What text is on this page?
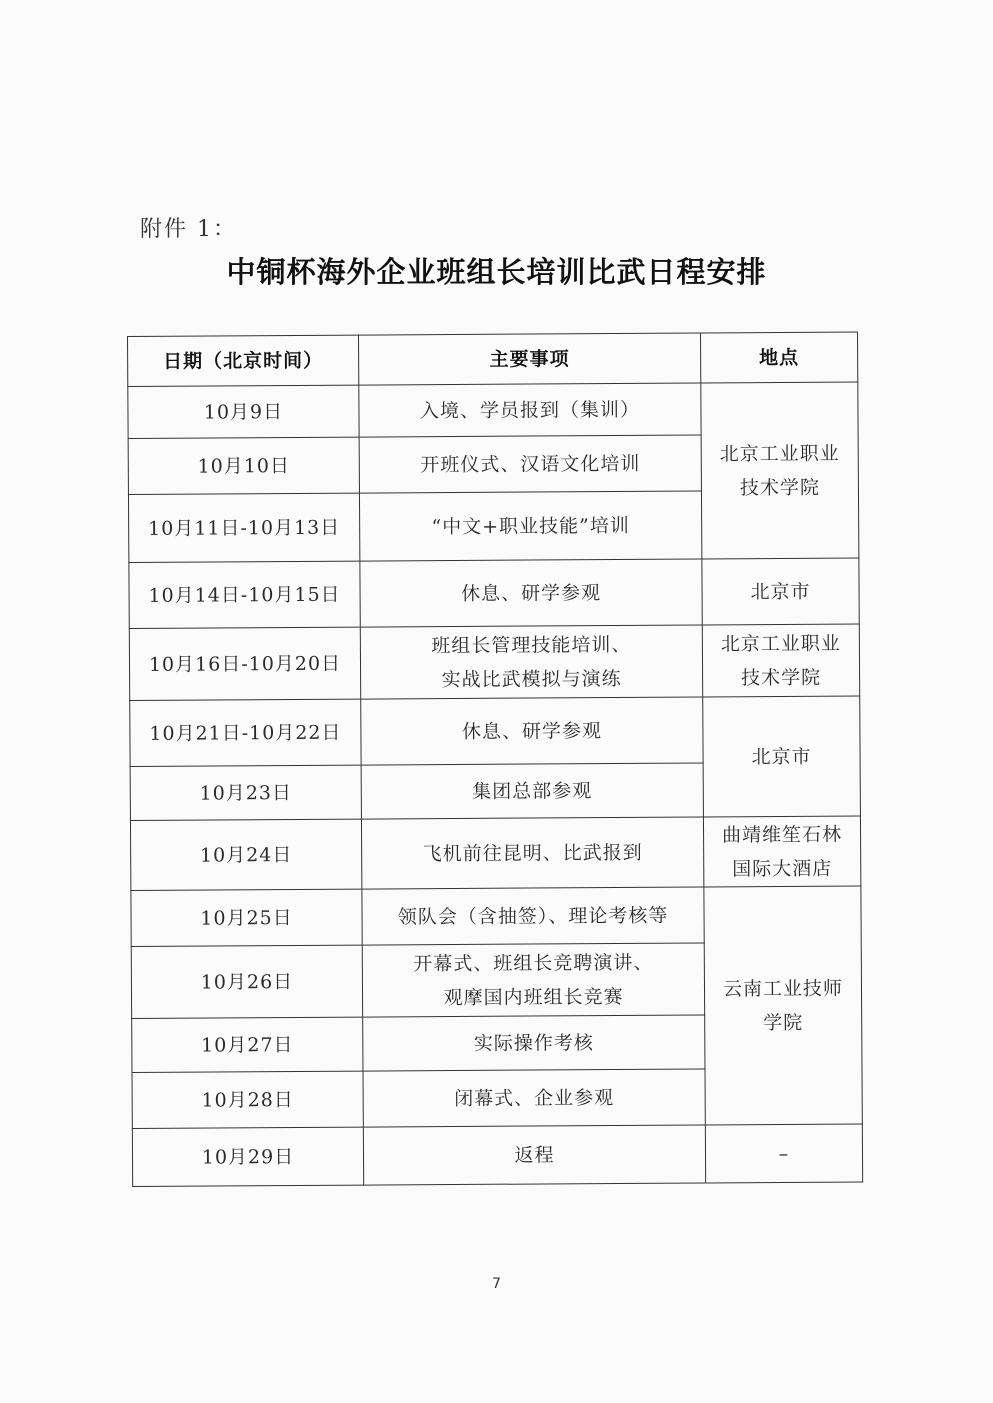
附件 1：
中铜杯海外企业班组长培训比武日程安排
日期（北京时间）	主要事项	地点
10月9日	入境、学员报到（集训）	北京工业职业
技术学院

10月10日	开班仪式、汉语文化培训	
10月11日-10月13日	“中文+职业技能”培训	
10月14日-10月15日	休息、研学参观	北京市
10月16日-10月20日	班组长管理技能培训、
实战比武模拟与演练	北京工业职业
技术学院

10月21日-10月22日	休息、研学参观	北京市
10月23日	集团总部参观	
10月24日	飞机前往昆明、比武报到	曲靖维笙石林
国际大酒店

10月25日	领队会（含抽签）、理论考核等	云南工业技师
学院

10月26日	开幕式、班组长竞聘演讲、
观摩国内班组长竞赛	

10月27日	实际操作考核	
10月28日	闭幕式、企业参观	
10月29日	返程	–
7
